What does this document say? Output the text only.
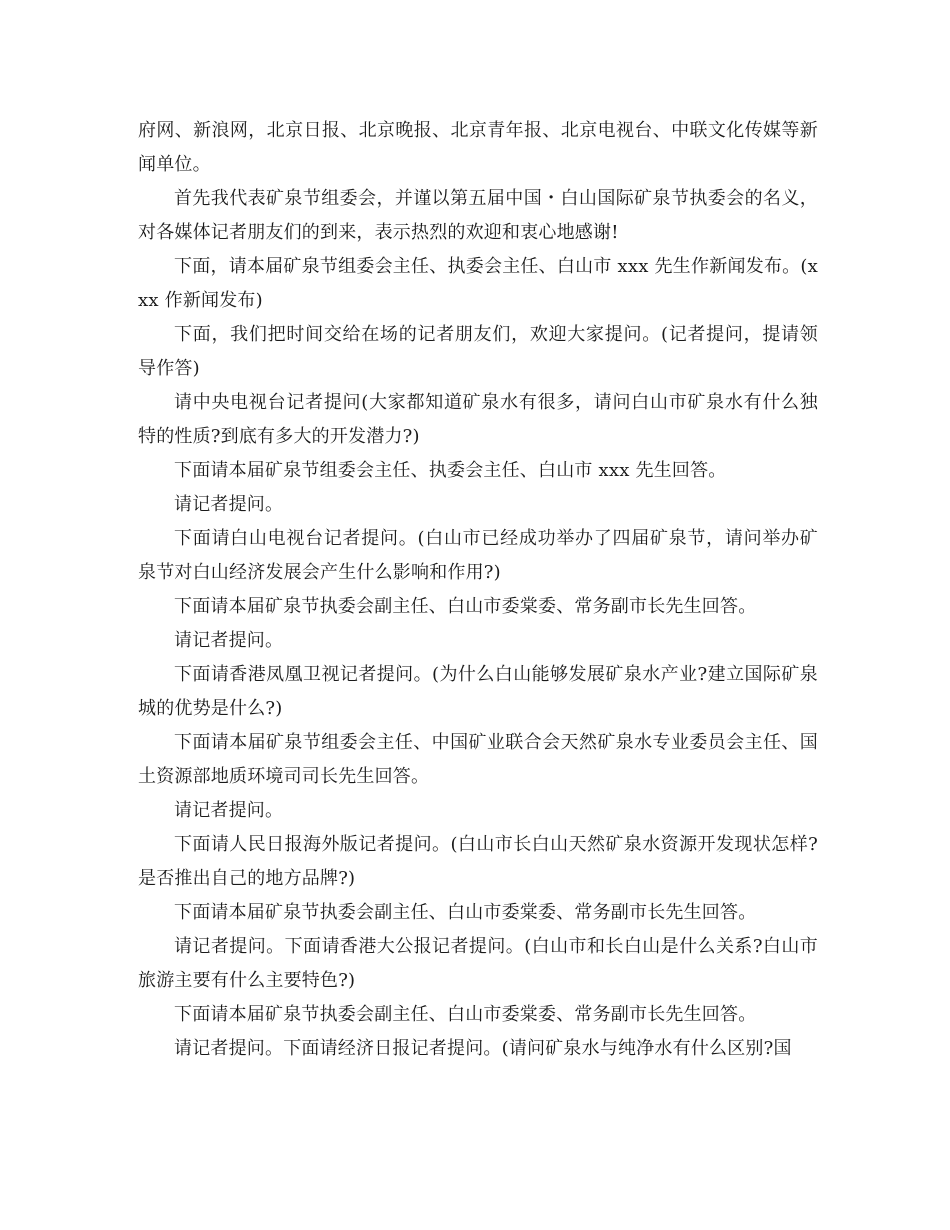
府网、新浪网，北京日报、北京晚报、北京青年报、北京电视台、中联文化传媒等新闻单位。

首先我代表矿泉节组委会，并谨以第五届中国・白山国际矿泉节执委会的名义，对各媒体记者朋友们的到来，表示热烈的欢迎和衷心地感谢!

下面，请本届矿泉节组委会主任、执委会主任、白山市 xxx 先生作新闻发布。(xxx 作新闻发布)

下面，我们把时间交给在场的记者朋友们，欢迎大家提问。(记者提问，提请领导作答)

请中央电视台记者提问(大家都知道矿泉水有很多，请问白山市矿泉水有什么独特的性质?到底有多大的开发潜力?)

下面请本届矿泉节组委会主任、执委会主任、白山市 xxx 先生回答。

请记者提问。

下面请白山电视台记者提问。(白山市已经成功举办了四届矿泉节，请问举办矿泉节对白山经济发展会产生什么影响和作用?)

下面请本届矿泉节执委会副主任、白山市委棠委、常务副市长先生回答。

请记者提问。

下面请香港凤凰卫视记者提问。(为什么白山能够发展矿泉水产业?建立国际矿泉城的优势是什么?)

下面请本届矿泉节组委会主任、中国矿业联合会天然矿泉水专业委员会主任、国土资源部地质环境司司长先生回答。

请记者提问。

下面请人民日报海外版记者提问。(白山市长白山天然矿泉水资源开发现状怎样?是否推出自己的地方品牌?)

下面请本届矿泉节执委会副主任、白山市委棠委、常务副市长先生回答。

请记者提问。下面请香港大公报记者提问。(白山市和长白山是什么关系?白山市旅游主要有什么主要特色?)

下面请本届矿泉节执委会副主任、白山市委棠委、常务副市长先生回答。

请记者提问。下面请经济日报记者提问。(请问矿泉水与纯净水有什么区别?国
